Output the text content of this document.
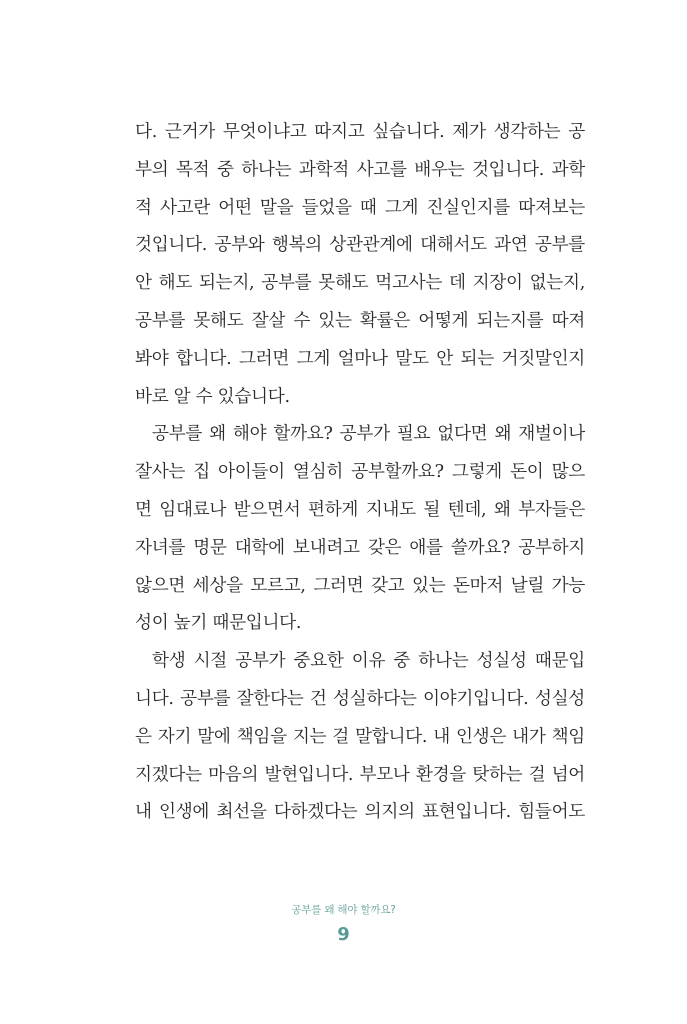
다. 근거가 무엇이냐고 따지고 싶습니다. 제가 생각하는 공
부의 목적 중 하나는 과학적 사고를 배우는 것입니다. 과학
적 사고란 어떤 말을 들었을 때 그게 진실인지를 따져보는
것입니다. 공부와 행복의 상관관계에 대해서도 과연 공부를
안 해도 되는지, 공부를 못해도 먹고사는 데 지장이 없는지,
공부를 못해도 잘살 수 있는 확률은 어떻게 되는지를 따져
봐야 합니다. 그러면 그게 얼마나 말도 안 되는 거짓말인지
바로 알 수 있습니다.
공부를 왜 해야 할까요? 공부가 필요 없다면 왜 재벌이나
잘사는 집 아이들이 열심히 공부할까요? 그렇게 돈이 많으
면 임대료나 받으면서 편하게 지내도 될 텐데, 왜 부자들은
자녀를 명문 대학에 보내려고 갖은 애를 쓸까요? 공부하지
않으면 세상을 모르고, 그러면 갖고 있는 돈마저 날릴 가능
성이 높기 때문입니다.
학생 시절 공부가 중요한 이유 중 하나는 성실성 때문입
니다. 공부를 잘한다는 건 성실하다는 이야기입니다. 성실성
은 자기 말에 책임을 지는 걸 말합니다. 내 인생은 내가 책임
지겠다는 마음의 발현입니다. 부모나 환경을 탓하는 걸 넘어
내 인생에 최선을 다하겠다는 의지의 표현입니다. 힘들어도
공부를 왜 해야 할까요?
9
